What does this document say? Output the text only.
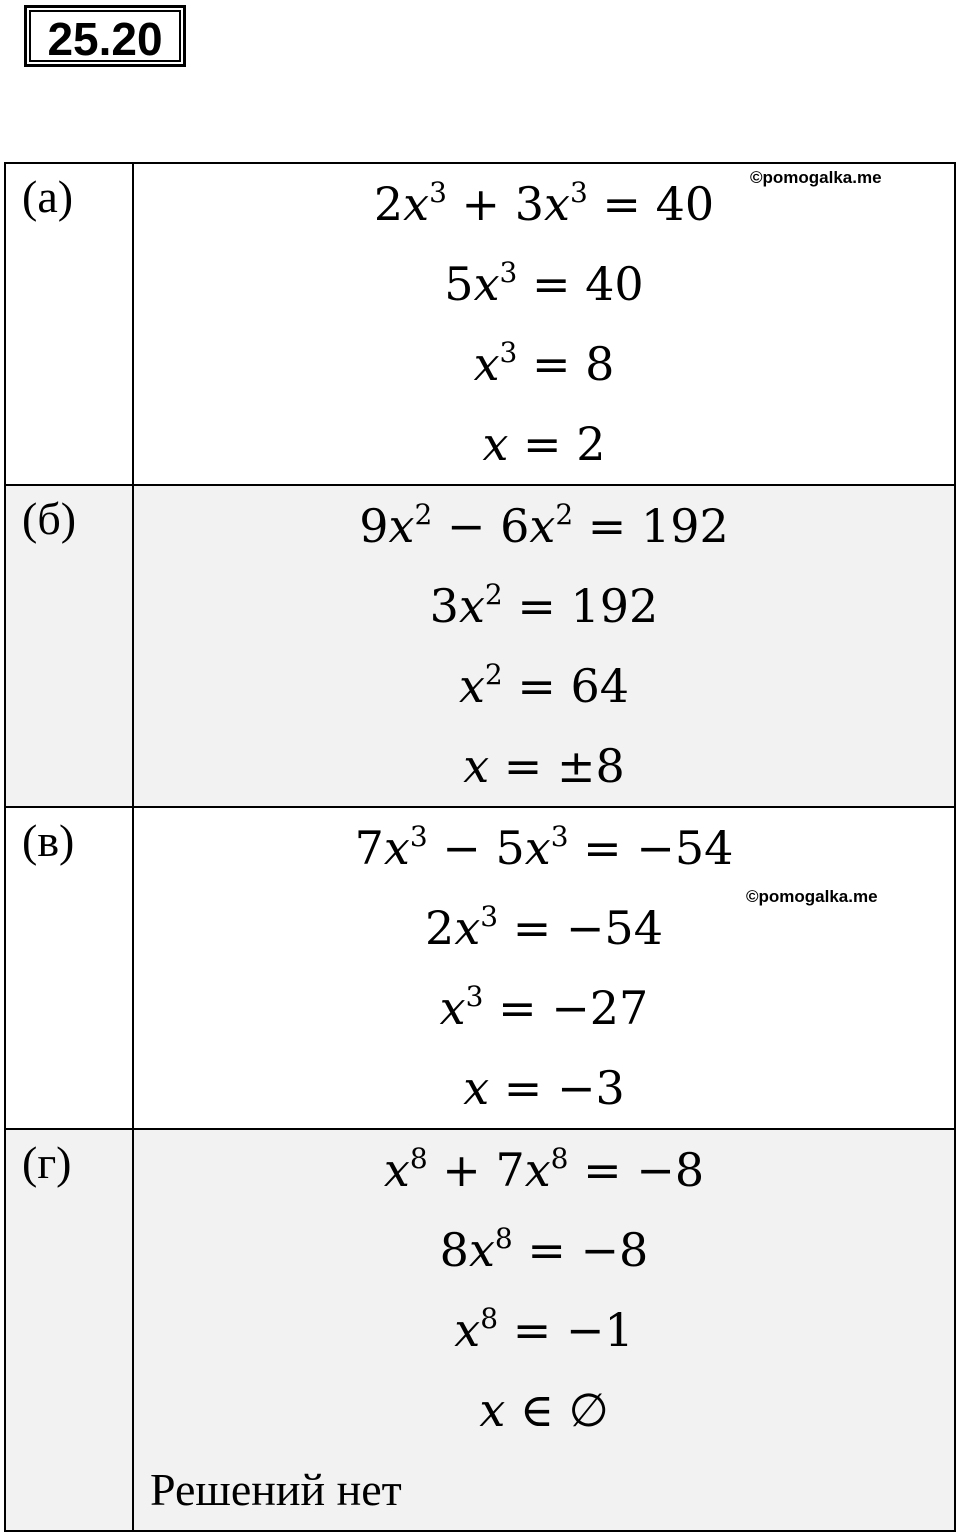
25.20
(а)	$2x^3 + 3x^3 = 40$
$5x^3 = 40$
$x^3 = 8$
x = 2
©pomogalka.me

(б)	$9x^2 - 6x^2 = 192$
$3x^2 = 192$
$x^2 = 64$
x = ±8

(в)	$7x^3 - 5x^3 = -54$
$2x^3 = -54$
$x^3 = -27$
x = −3
©pomogalka.me

(г)	$x^8 + 7x^8 = -8$
$8x^8 = -8$
$x^8 = -1$
x ∈ ∅
Решений нет
